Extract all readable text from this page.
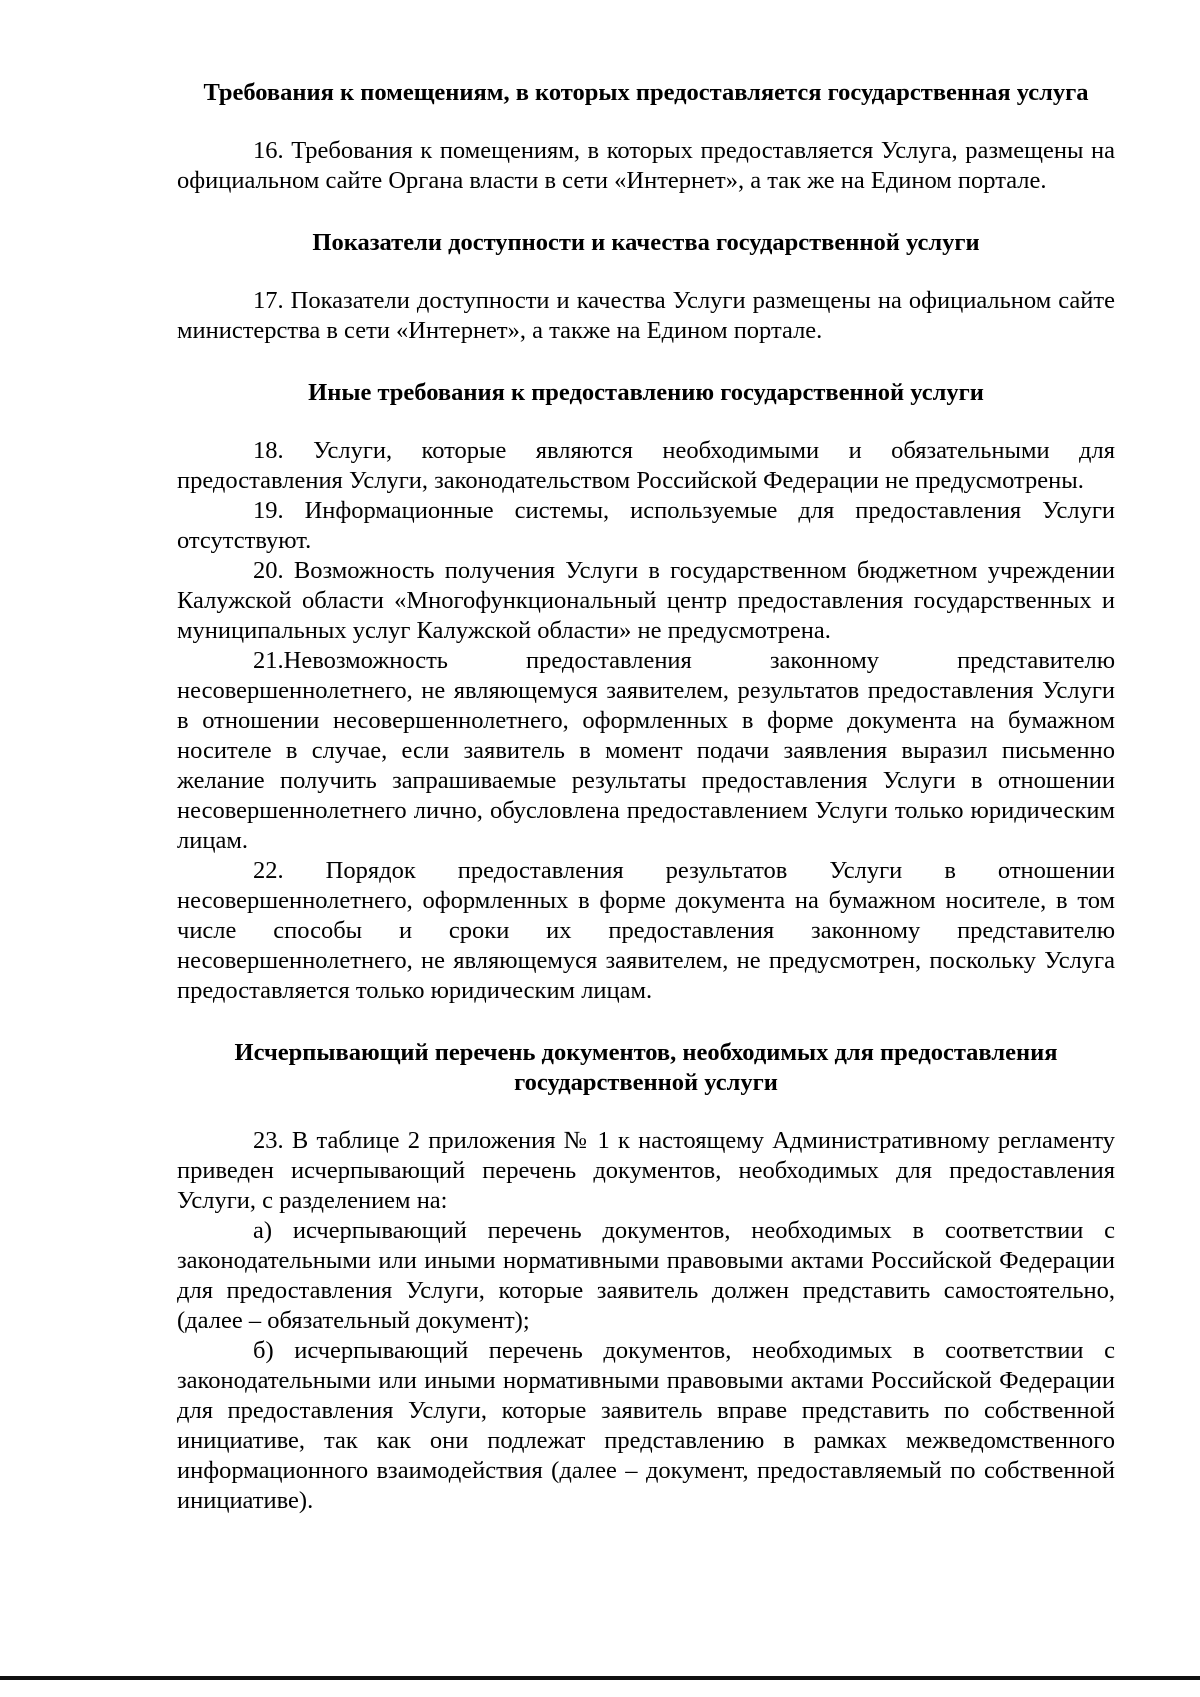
Требования к помещениям, в которых предоставляется государственная услуга

16. Требования к помещениям, в которых предоставляется Услуга, размещены на официальном сайте Органа власти в сети «Интернет», а так же на Едином портале.

Показатели доступности и качества государственной услуги

17. Показатели доступности и качества Услуги размещены на официальном сайте министерства в сети «Интернет», а также на Едином портале.

Иные требования к предоставлению государственной услуги

18. Услуги, которые являются необходимыми и обязательными для предоставления Услуги, законодательством Российской Федерации не предусмотрены.

19. Информационные системы, используемые для предоставления Услуги отсутствуют.

20. Возможность получения Услуги в государственном бюджетном учреждении Калужской области «Многофункциональный центр предоставления государственных и муниципальных услуг Калужской области» не предусмотрена.

21.Невозможность предоставления законному представителю несовершеннолетнего, не являющемуся заявителем, результатов предоставления Услуги в отношении несовершеннолетнего, оформленных в форме документа на бумажном носителе в случае, если заявитель в момент подачи заявления выразил письменно желание получить запрашиваемые результаты предоставления Услуги в отношении несовершеннолетнего лично, обусловлена предоставлением Услуги только юридическим лицам.

22. Порядок предоставления результатов Услуги в отношении несовершеннолетнего, оформленных в форме документа на бумажном носителе, в том числе способы и сроки их предоставления законному представителю несовершеннолетнего, не являющемуся заявителем, не предусмотрен, поскольку Услуга предоставляется только юридическим лицам.

Исчерпывающий перечень документов, необходимых для предоставления государственной услуги

23. В таблице 2 приложения № 1 к настоящему Административному регламенту приведен исчерпывающий перечень документов, необходимых для предоставления Услуги, с разделением на:

а) исчерпывающий перечень документов, необходимых в соответствии с законодательными или иными нормативными правовыми актами Российской Федерации для предоставления Услуги, которые заявитель должен представить самостоятельно, (далее – обязательный документ);

б) исчерпывающий перечень документов, необходимых в соответствии с законодательными или иными нормативными правовыми актами Российской Федерации для предоставления Услуги, которые заявитель вправе представить по собственной инициативе, так как они подлежат представлению в рамках межведомственного информационного взаимодействия (далее – документ, предоставляемый по собственной инициативе).
